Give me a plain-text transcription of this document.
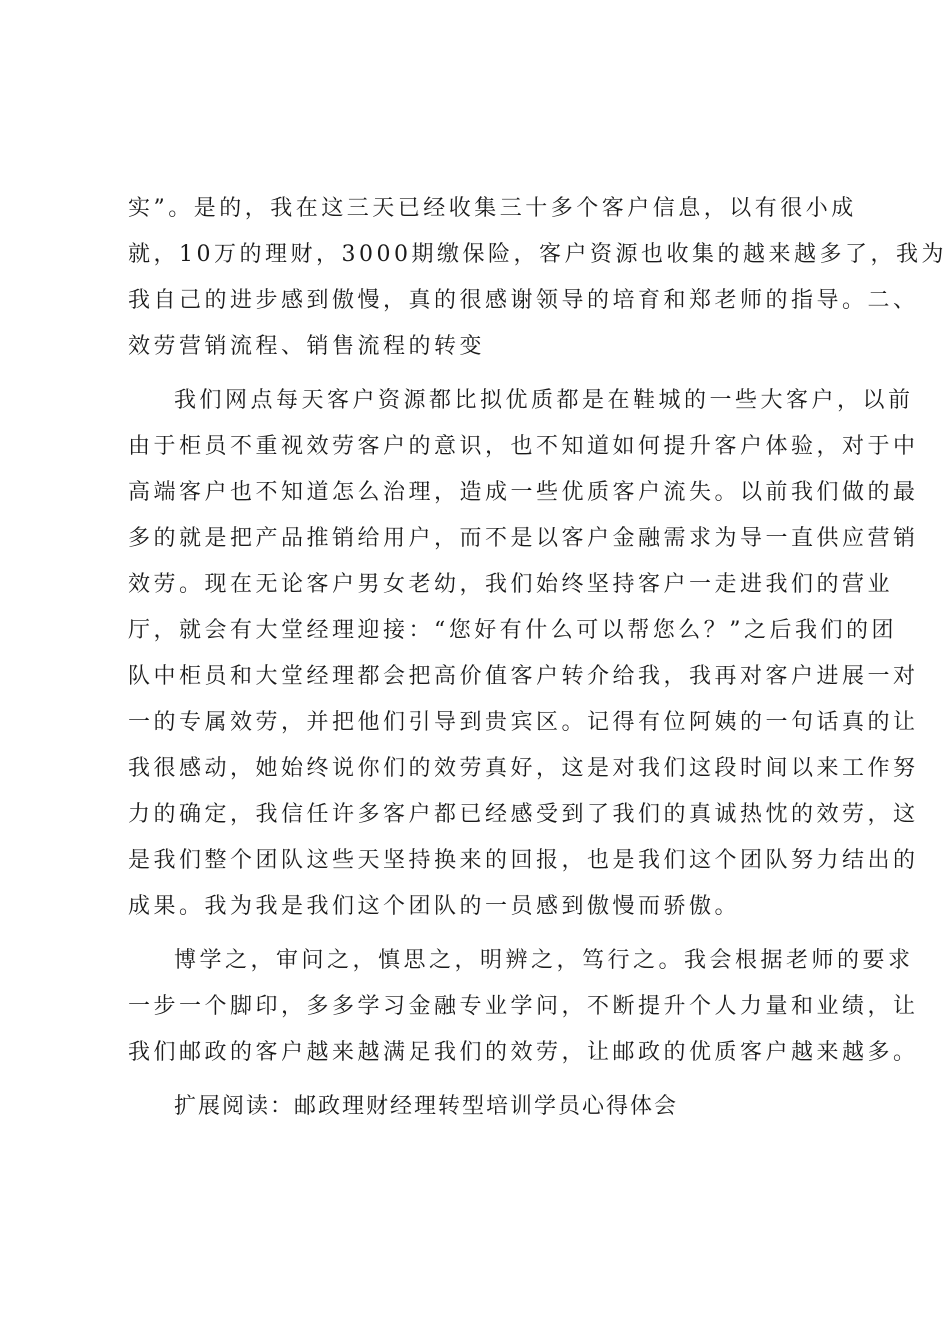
实”。是的，我在这三天已经收集三十多个客户信息，以有很小成
就，10万的理财，3000期缴保险，客户资源也收集的越来越多了，我为
我自己的进步感到傲慢，真的很感谢领导的培育和郑老师的指导。二、
效劳营销流程、销售流程的转变
我们网点每天客户资源都比拟优质都是在鞋城的一些大客户，以前
由于柜员不重视效劳客户的意识，也不知道如何提升客户体验，对于中
高端客户也不知道怎么治理，造成一些优质客户流失。以前我们做的最
多的就是把产品推销给用户，而不是以客户金融需求为导一直供应营销
效劳。现在无论客户男女老幼，我们始终坚持客户一走进我们的营业
厅，就会有大堂经理迎接：“您好有什么可以帮您么？”之后我们的团
队中柜员和大堂经理都会把高价值客户转介给我，我再对客户进展一对
一的专属效劳，并把他们引导到贵宾区。记得有位阿姨的一句话真的让
我很感动，她始终说你们的效劳真好，这是对我们这段时间以来工作努
力的确定，我信任许多客户都已经感受到了我们的真诚热忱的效劳，这
是我们整个团队这些天坚持换来的回报，也是我们这个团队努力结出的
成果。我为我是我们这个团队的一员感到傲慢而骄傲。
博学之，审问之，慎思之，明辨之，笃行之。我会根据老师的要求
一步一个脚印，多多学习金融专业学问，不断提升个人力量和业绩，让
我们邮政的客户越来越满足我们的效劳，让邮政的优质客户越来越多。
扩展阅读：邮政理财经理转型培训学员心得体会
